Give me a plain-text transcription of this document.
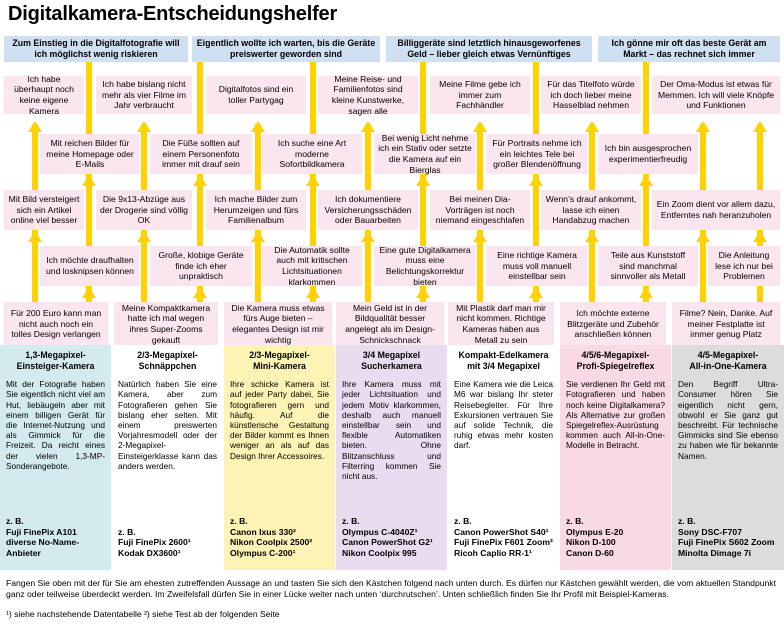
Digitalkamera-Entscheidungshelfer
Zum Einstieg in die Digitalfotografie will ich möglichst wenig riskieren
Eigentlich wollte ich warten, bis die Geräte preiswerter geworden sind
Billiggeräte sind letztlich hinausgeworfenes Geld – lieber gleich etwas Vernünftiges
Ich gönne mir oft das beste Gerät am Markt – das rechnet sich immer
Ich habe überhaupt noch keine eigene Kamera
Ich habe bislang nicht mehr als vier Filme im Jahr verbraucht
Digitalfotos sind ein toller Partygag
Meine Reise- und Familienfotos sind kleine Kunstwerke, sagen alle
Meine Filme gebe ich immer zum Fachhändler
Für das Titelfoto würde ich doch lieber meine Hasselblad nehmen
Der Oma-Modus ist etwas für Memmen. Ich will viele Knöpfe und Funktionen
Mit reichen Bilder für meine Homepage oder E-Mails
Die Füße sollten auf einem Personenfoto immer mit drauf sein
Ich suche eine Art moderne Sofortbildkamera
Bei wenig Licht nehme ich ein Stativ oder setzte die Kamera auf ein Bierglas
Für Portraits nehme ich ein leichtes Tele bei großer Blendenöffnung
Ich bin ausgesprochen experimentierfreudig
Mit Bild versteigert sich ein Artikel online viel besser
Die 9x13-Abzüge aus der Drogerie sind völlig OK
Ich mache Bilder zum Herumzeigen und fürs Familienalbum
Ich dokumentiere Versicherungsschäden oder Bauarbeiten
Bei meinen Dia-Vorträgen ist noch niemand eingeschlafen
Wenn’s drauf ankommt, lasse ich einen Handabzug machen
Ein Zoom dient vor allem dazu, Entferntes nah heranzuholen
Ich möchte draufhalten und losknipsen können
Große, klobige Geräte finde ich eher unpraktisch
Die Automatik sollte auch mit kritischen Lichtsituationen klarkommen
Eine gute Digitalkamera muss eine Belichtungskorrektur bieten
Eine richtige Kamera muss voll manuell einstellbar sein
Teile aus Kunststoff sind manchmal sinnvoller als Metall
Die Anleitung lese ich nur bei Problemen
Für 200 Euro kann man nicht auch noch ein tolles Design verlangen
Meine Kompaktkamera hatte ich mal wegen ihres Super-Zooms gekauft
Die Kamera muss etwas fürs Auge bieten – elegantes Design ist mir wichtig
Mein Geld ist in der Bildqualität besser angelegt als im Design-Schnickschnack
Mit Plastik darf man mir nicht kommen. Richtige Kameras haben aus Metall zu sein
Ich möchte externe Blitzgeräte und Zubehör anschließen können
Filme? Nein, Danke. Auf meiner Festplatte ist immer genug Platz
1,3-Megapixel-
Einsteiger-Kamera
Mit der Fotografie haben Sie eigentlich nicht viel am Hut, liebäugeln aber mit einem billigen Gerät für die Internet-Nutzung und als Gimmick für die Freizeit. Da reicht eines der vielen 1,3-MP-Sonderangebote.
z. B.
Fuji FinePix A101
diverse No-Name-
Anbieter
2/3-Megapixel-
Schnäppchen
Natürlich haben Sie eine Kamera, aber zum Fotografieren gehen Sie bislang eher selten. Mit einem preiswerten Vorjahresmodell oder der 2-Megapixel-Einsteigerklasse kann das anders werden.
z. B.
Fuji FinePix 2600¹
Kodak DX3600¹
2/3-Megapixel-
Mini-Kamera
Ihre schicke Kamera ist auf jeder Party dabei, Sie fotografieren gern und häufig. Auf die künstlerische Gestaltung der Bilder kommt es Ihnen weniger an als auf das Design Ihrer Accessoires.
z. B.
Canon Ixus 330²
Nikon Coolpix 2500²
Olympus C-200¹
3/4 Megapixel
Sucherkamera
Ihre Kamera muss mit jeder Lichtsituation und jedem Motiv klarkommen, deshalb auch manuell einstellbar sein und flexible Automatiken bieten. Ohne Blitzanschluss und Filterring kommen Sie nicht aus.
z. B.
Olympus C-4040Z¹
Canon PowerShot G2¹
Nikon Coolpix 995
Kompakt-Edelkamera
mit 3/4 Megapixel
Eine Kamera wie die Leica M6 war bislang Ihr steter Reisebegleiter. Für Ihre Exkursionen vertrauen Sie auf solide Technik, die ruhig etwas mehr kosten darf.
z. B.
Canon PowerShot S40¹
Fuji FinePix F601 Zoom²
Ricoh Caplio RR-1¹
4/5/6-Megapixel-
Profi-Spiegelreflex
Sie verdienen Ihr Geld mit Fotografieren und haben noch keine Digitalkamera? Als Alternative zur großen Spiegelreflex-Ausrüstung kommen auch All-in-One-Modelle in Betracht.
z. B.
Olympus E-20
Nikon D-100
Canon D-60
4/5-Megapixel-
All-in-One-Kamera
Den Begriff Ultra-Consumer hören Sie eigentlich nicht gern, obwohl er Sie ganz gut beschreibt. Für technische Gimmicks sind Sie ebenso zu haben wie für bekannte Namen.
z. B.
Sony DSC-F707
Fuji FinePix S602 Zoom
Minolta Dimage 7i
Fangen Sie oben mit der für Sie am ehesten zutreffenden Aussage an und tasten Sie sich den Kästchen folgend nach unten durch. Es dürfen nur Kästchen gewählt werden, die vom aktuellen Standpunkt ganz oder teilweise überdeckt werden. Im Zweifelsfall dürfen Sie in einer Lücke weiter nach unten ‘durchrutschen’. Unten schließlich finden Sie Ihr Profil mit Beispiel-Kameras.
¹) siehe nachstehende Datentabelle ²) siehe Test ab der folgenden Seite
